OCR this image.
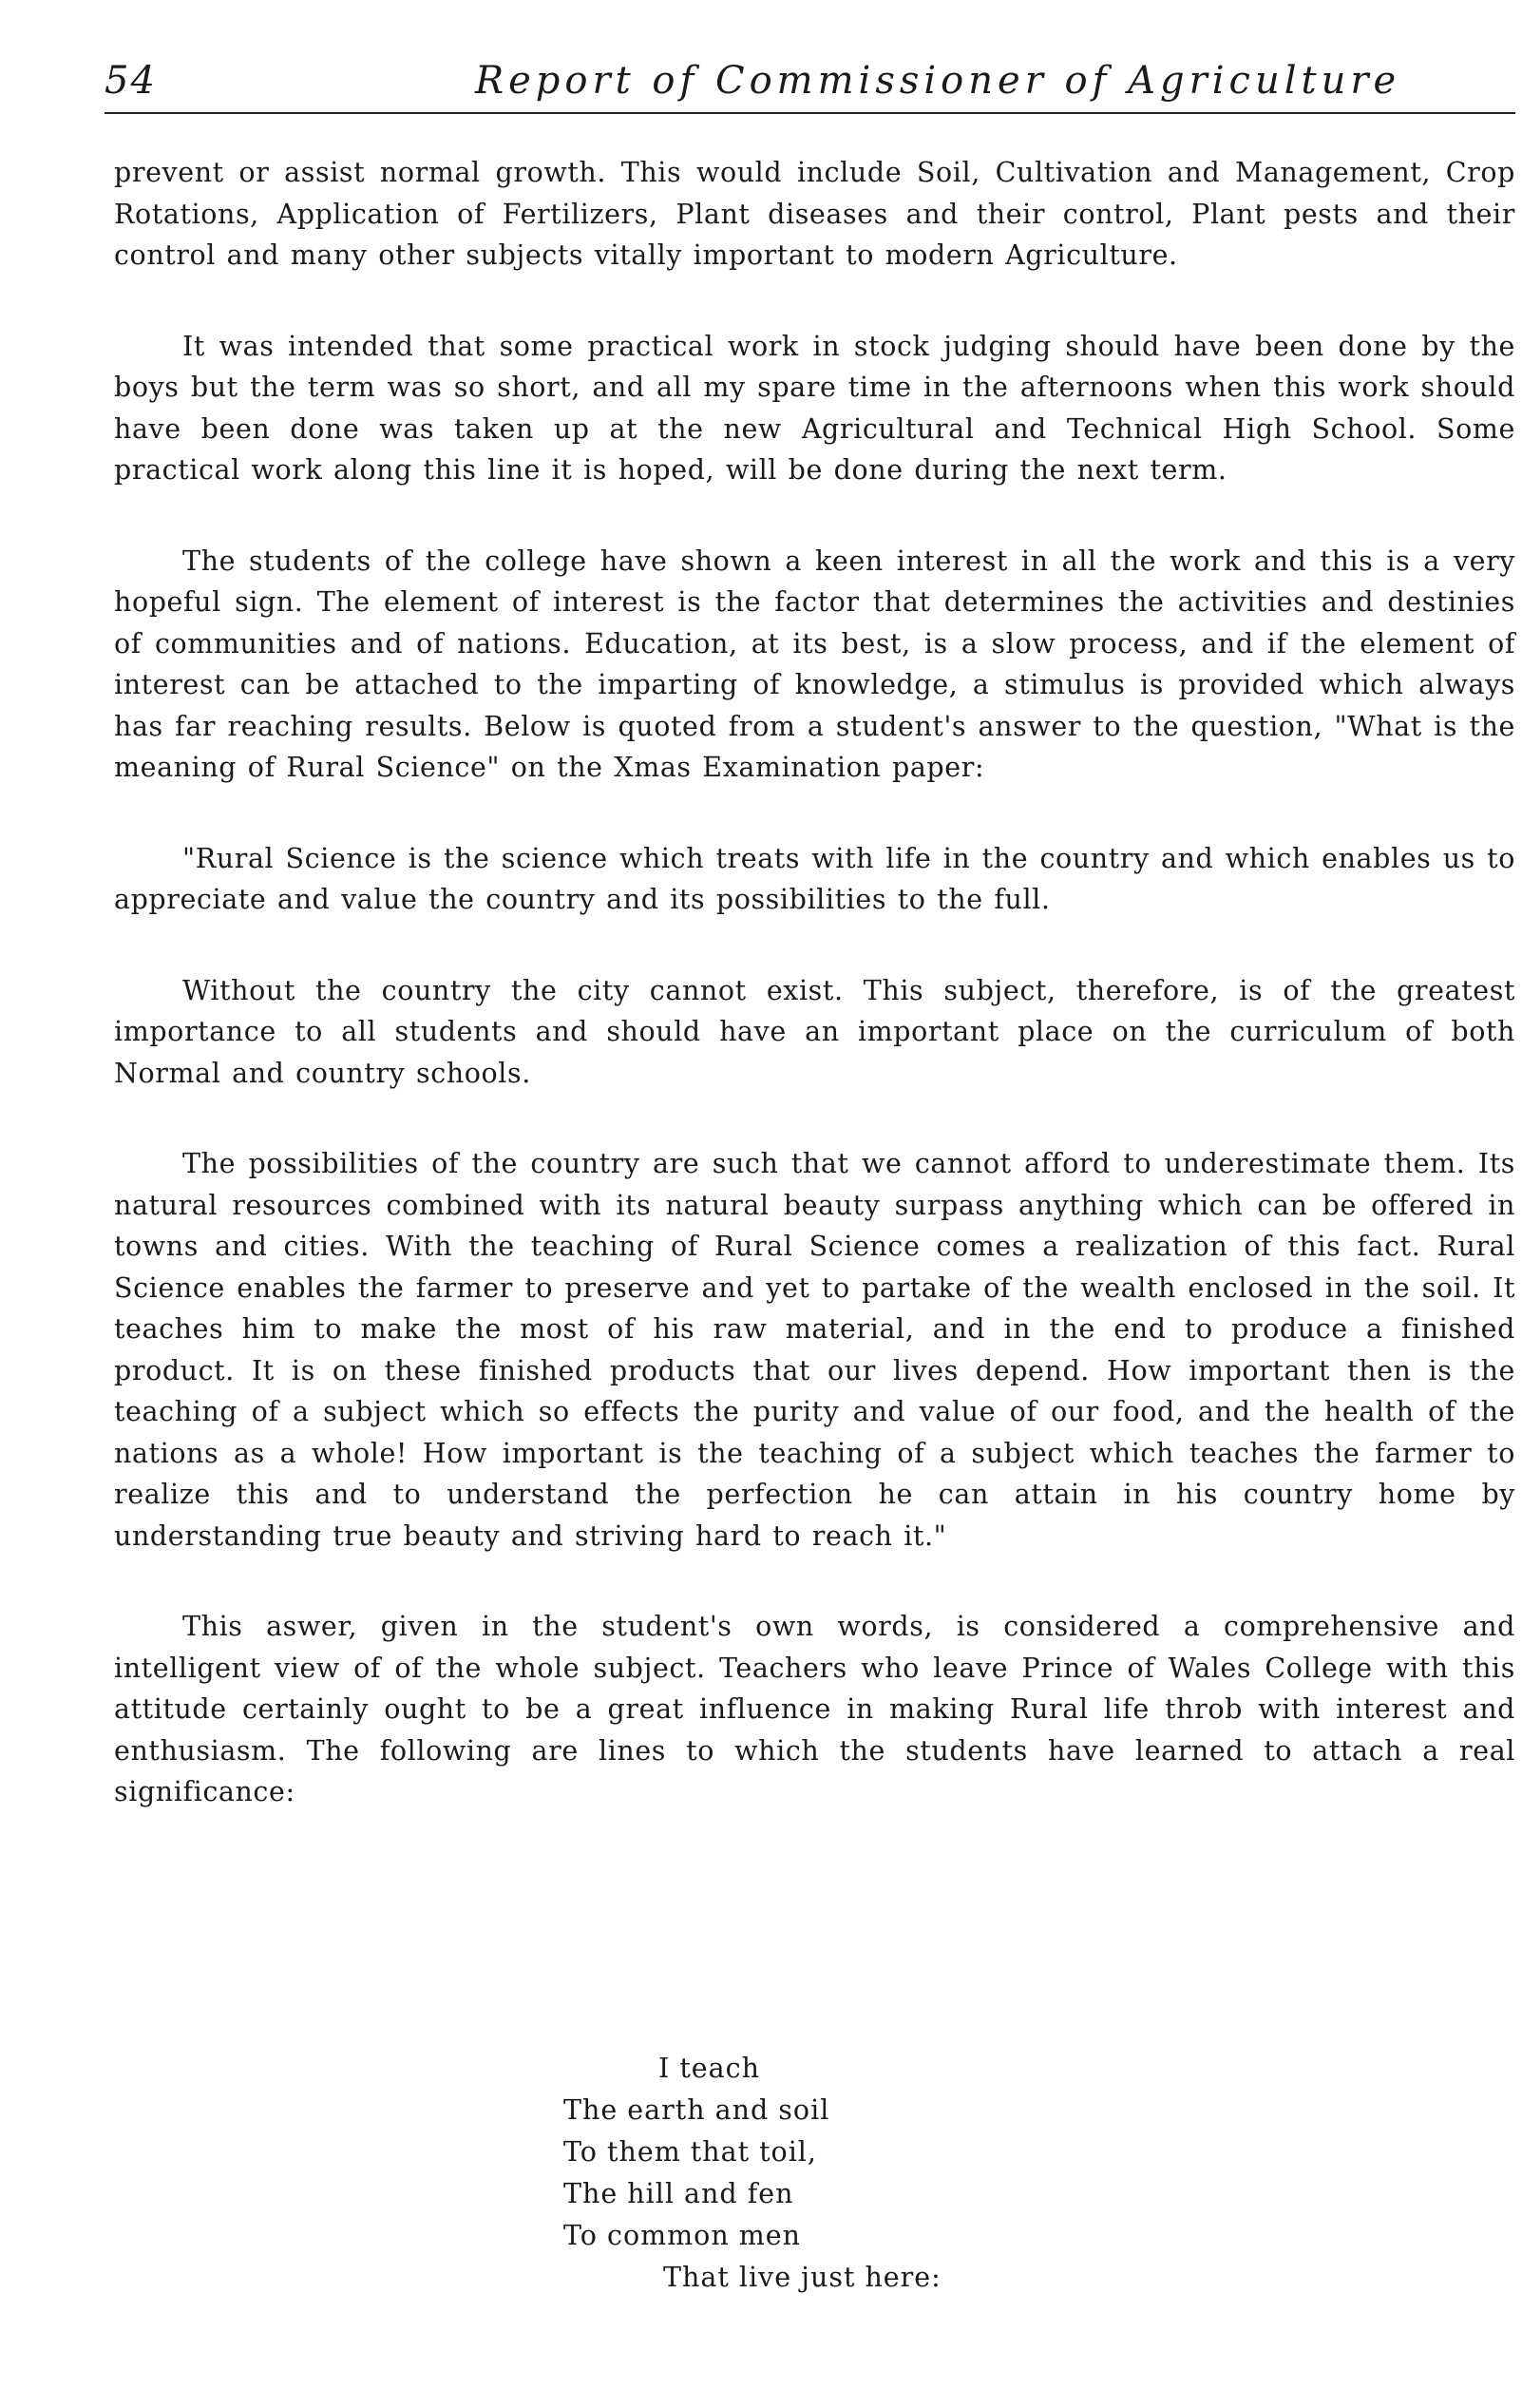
54	Report of Commissioner of Agriculture

prevent or assist normal growth. This would include Soil, Cultivation and Management, Crop Rotations, Application of Fertilizers, Plant diseases and their control, Plant pests and their control and many other subjects vitally important to modern Agriculture.

It was intended that some practical work in stock judging should have been done by the boys but the term was so short, and all my spare time in the afternoons when this work should have been done was taken up at the new Agricultural and Technical High School. Some practical work along this line it is hoped, will be done during the next term.

The students of the college have shown a keen interest in all the work and this is a very hopeful sign. The element of interest is the factor that determines the activities and destinies of communities and of nations. Education, at its best, is a slow process, and if the element of interest can be attached to the imparting of knowledge, a stimulus is provided which always has far reaching results. Below is quoted from a student's answer to the question, "What is the meaning of Rural Science" on the Xmas Examination paper:

"Rural Science is the science which treats with life in the country and which enables us to appreciate and value the country and its possibilities to the full.

Without the country the city cannot exist. This subject, therefore, is of the greatest importance to all students and should have an important place on the curriculum of both Normal and country schools.

The possibilities of the country are such that we cannot afford to underestimate them. Its natural resources combined with its natural beauty surpass anything which can be offered in towns and cities. With the teaching of Rural Science comes a realization of this fact. Rural Science enables the farmer to preserve and yet to partake of the wealth enclosed in the soil. It teaches him to make the most of his raw material, and in the end to produce a finished product. It is on these finished products that our lives depend. How important then is the teaching of a subject which so effects the purity and value of our food, and the health of the nations as a whole! How important is the teaching of a subject which teaches the farmer to realize this and to understand the perfection he can attain in his country home by understanding true beauty and striving hard to reach it."

This aswer, given in the student's own words, is considered a comprehensive and intelligent view of of the whole subject. Teachers who leave Prince of Wales College with this attitude certainly ought to be a great influence in making Rural life throb with interest and enthusiasm. The following are lines to which the students have learned to attach a real significance:

I teach
The earth and soil
To them that toil,
The hill and fen
To common men
That live just here:
